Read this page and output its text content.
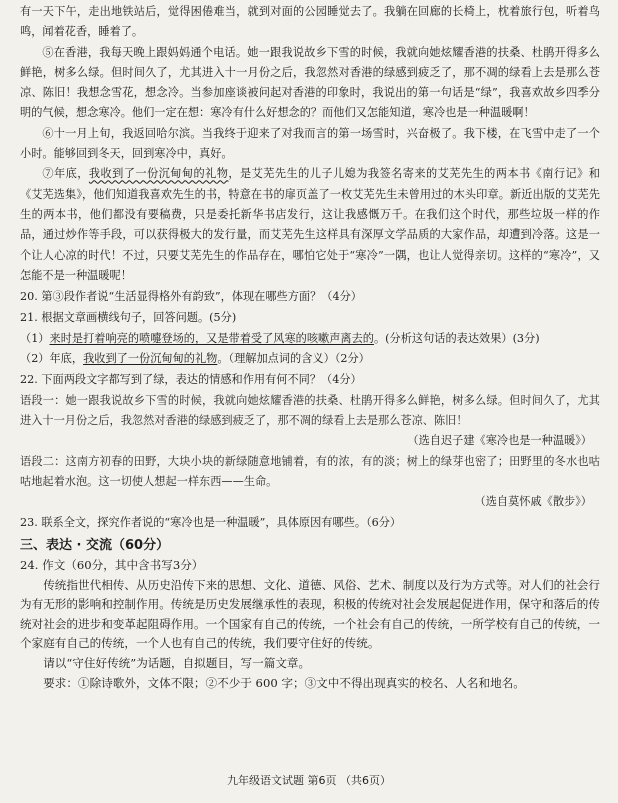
有一天下午，走出地铁站后，觉得困倦难当，就到对面的公园睡觉去了。我躺在回廊的长椅上，枕着旅行包，听着鸟鸣，闻着花香，睡着了。

⑤在香港，我每天晚上跟妈妈通个电话。她一跟我说故乡下雪的时候，我就向她炫耀香港的扶桑、杜鹃开得多么鲜艳，树多么绿。但时间久了，尤其进入十一月份之后，我忽然对香港的绿感到疲乏了，那不凋的绿看上去是那么苍凉、陈旧！我想念雪花，想念冷。当参加座谈被问起对香港的印象时，我说出的第一句话是“绿”，我喜欢故乡四季分明的气候，想念寒冷。他们一定在想：寒冷有什么好想念的？而他们又怎能知道，寒冷也是一种温暖啊！

⑥十一月上旬，我返回哈尔滨。当我终于迎来了对我而言的第一场雪时，兴奋极了。我下楼，在飞雪中走了一个小时。能够回到冬天，回到寒冷中，真好。

⑦年底，我收到了一份沉甸甸的礼物，是艾芜先生的儿子儿媳为我签名寄来的艾芜先生的两本书《南行记》和《艾芜选集》，他们知道我喜欢先生的书，特意在书的扉页盖了一枚艾芜先生未曾用过的木头印章。新近出版的艾芜先生的两本书，他们都没有要稿费，只是委托新华书店发行，这让我感慨万千。在我们这个时代，那些垃圾一样的作品，通过炒作等手段，可以获得极大的发行量，而艾芜先生这样具有深厚文学品质的大家作品，却遭到冷落。这是一个让人心凉的时代！不过，只要艾芜先生的作品存在，哪怕它处于“寒冷”一隅，也让人觉得亲切。这样的“寒冷”，又怎能不是一种温暖呢！

20. 第③段作者说“生活显得格外有韵致”，体现在哪些方面？（4分）

21. 根据文章画横线句子，回答问题。(5分)

（1）来时是打着响亮的喷嚏登场的，又是带着受了风寒的咳嗽声离去的。(分析这句话的表达效果）(3分)

（2）年底，我收到了一份沉甸甸的礼物。（理解加点词的含义）（2分）

22. 下面两段文字都写到了绿，表达的情感和作用有何不同？（4分）

语段一：她一跟我说故乡下雪的时候，我就向她炫耀香港的扶桑、杜鹃开得多么鲜艳，树多么绿。但时间久了，尤其进入十一月份之后，我忽然对香港的绿感到疲乏了，那不凋的绿看上去是那么苍凉、陈旧！

（选自迟子建《寒冷也是一种温暖》）

语段二：这南方初春的田野，大块小块的新绿随意地铺着，有的浓，有的淡；树上的绿芽也密了；田野里的冬水也咕咕地起着水泡。这一切使人想起一样东西——生命。

（选自莫怀戚《散步》）

23. 联系全文，探究作者说的“寒冷也是一种温暖”，具体原因有哪些。（6分）

三、表达 · 交流（60分）

24. 作文（60分，其中含书写3分）

传统指世代相传、从历史沿传下来的思想、文化、道德、风俗、艺术、制度以及行为方式等。对人们的社会行为有无形的影响和控制作用。传统是历史发展继承性的表现，积极的传统对社会发展起促进作用，保守和落后的传统对社会的进步和变革起阻碍作用。一个国家有自己的传统，一个社会有自己的传统，一所学校有自己的传统，一个家庭有自己的传统，一个人也有自己的传统，我们要守住好的传统。

请以“守住好传统”为话题，自拟题目，写一篇文章。

要求：①除诗歌外，文体不限；②不少于 600 字；③文中不得出现真实的校名、人名和地名。

九年级语文试题 第6页 （共6页）
